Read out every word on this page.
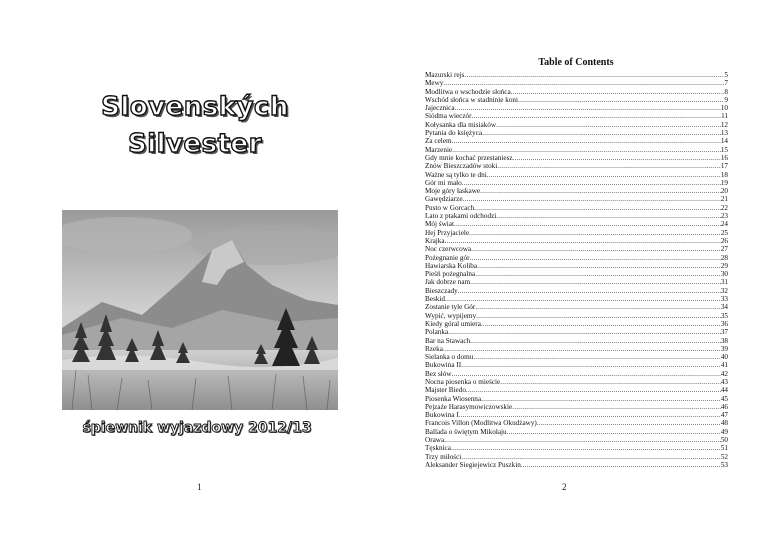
Slovenských
Silvester
śpiewnik wyjazdowy 2012/13
1
Table of Contents
Mazurski rejs .....	5
Mewy .....	7
Modlitwa o wschodzie słońca .....	8
Wschód słońca w stadninie koni .....	9
Jajecznica .....	10
Siódma wieczór .....	11
Kołysanka dla misiaków .....	12
Pytania do księżyca .....	13
Za celem .....	14
Marzenie .....	15
Gdy mnie kochać przestaniesz .....	16
Znów Bieszczadów stoki .....	17
Ważne są tylko te dni .....	18
Gór mi mało .....	19
Moje góry łaskawe .....	20
Gawędziarze .....	21
Pusto w Gorcach .....	22
Lato z ptakami odchodzi .....	23
Mój świat .....	24
Hej Przyjaciele .....	25
Krajka .....	26
Noc czerwcowa .....	27
Pożegnanie gór .....	28
Hawiarska Koliba .....	29
Pieśń pożegnalna .....	30
Jak dobrze nam .....	31
Bieszczady .....	32
Beskid .....	33
Zostanie tyle Gór .....	34
Wypić, wypijemy .....	35
Kiedy góral umiera .....	36
Polanka .....	37
Bar na Stawach .....	38
Rzeka .....	39
Sielanka o domu .....	40
Bukowina II .....	41
Bez słów .....	42
Nocna piosenka o mieście .....	43
Majster Biedo .....	44
Piosenka Wiosenna .....	45
Pejzaże Harasymowiczowskie .....	46
Bukowina I .....	47
Francois Villon (Modlitwa Okudżawy) .....	48
Ballada o świętym Mikołaju .....	49
Orawa .....	50
Tęsknica .....	51
Trzy miłości .....	52
Aleksander Siegiejewicz Puszkin .....	53
2
